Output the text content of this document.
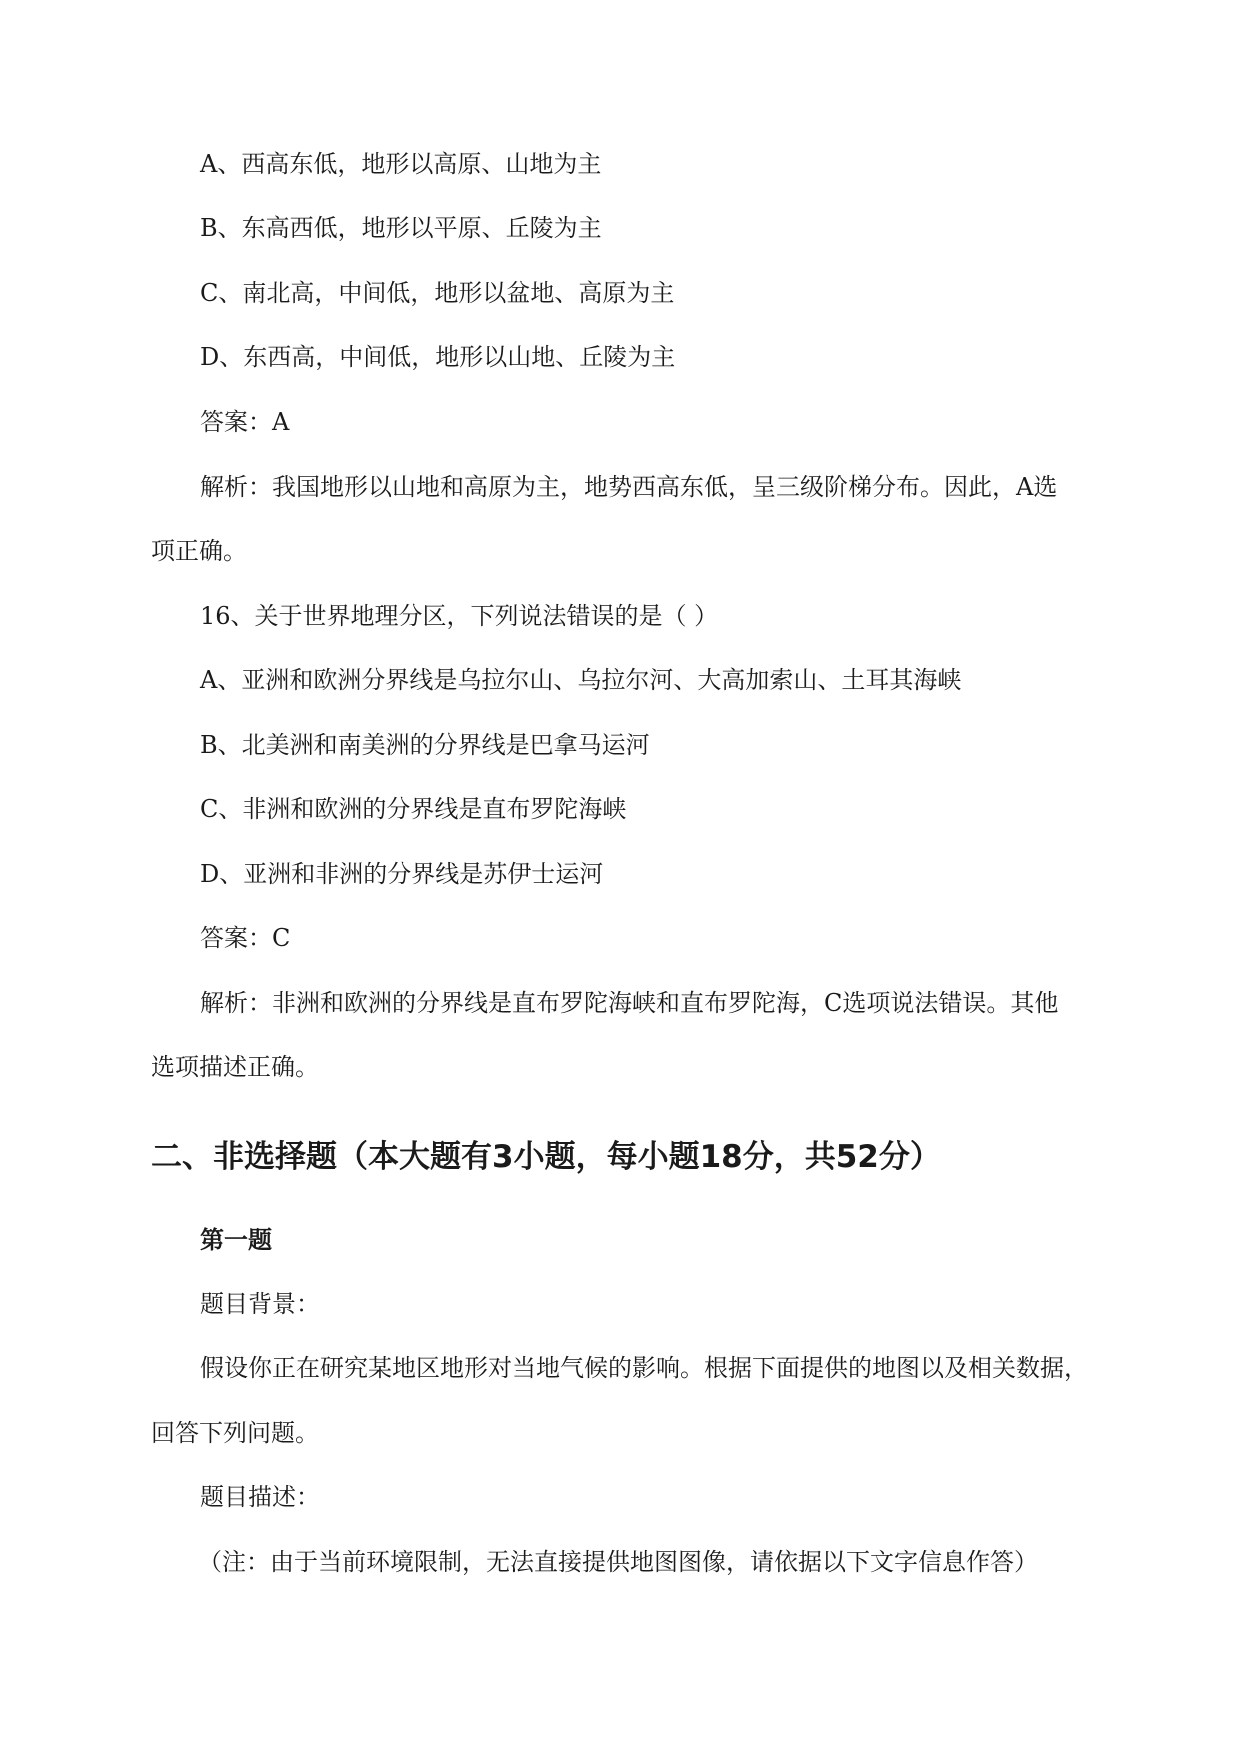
A、西高东低，地形以高原、山地为主
B、东高西低，地形以平原、丘陵为主
C、南北高，中间低，地形以盆地、高原为主
D、东西高，中间低，地形以山地、丘陵为主
答案：A
解析：我国地形以山地和高原为主，地势西高东低，呈三级阶梯分布。因此，A选
项正确。
16、关于世界地理分区，下列说法错误的是（ ）
A、亚洲和欧洲分界线是乌拉尔山、乌拉尔河、大高加索山、土耳其海峡
B、北美洲和南美洲的分界线是巴拿马运河
C、非洲和欧洲的分界线是直布罗陀海峡
D、亚洲和非洲的分界线是苏伊士运河
答案：C
解析：非洲和欧洲的分界线是直布罗陀海峡和直布罗陀海，C选项说法错误。其他
选项描述正确。
二、非选择题（本大题有3小题，每小题18分，共52分）
第一题
题目背景：
假设你正在研究某地区地形对当地气候的影响。根据下面提供的地图以及相关数据，
回答下列问题。
题目描述：
（注：由于当前环境限制，无法直接提供地图图像，请依据以下文字信息作答）
